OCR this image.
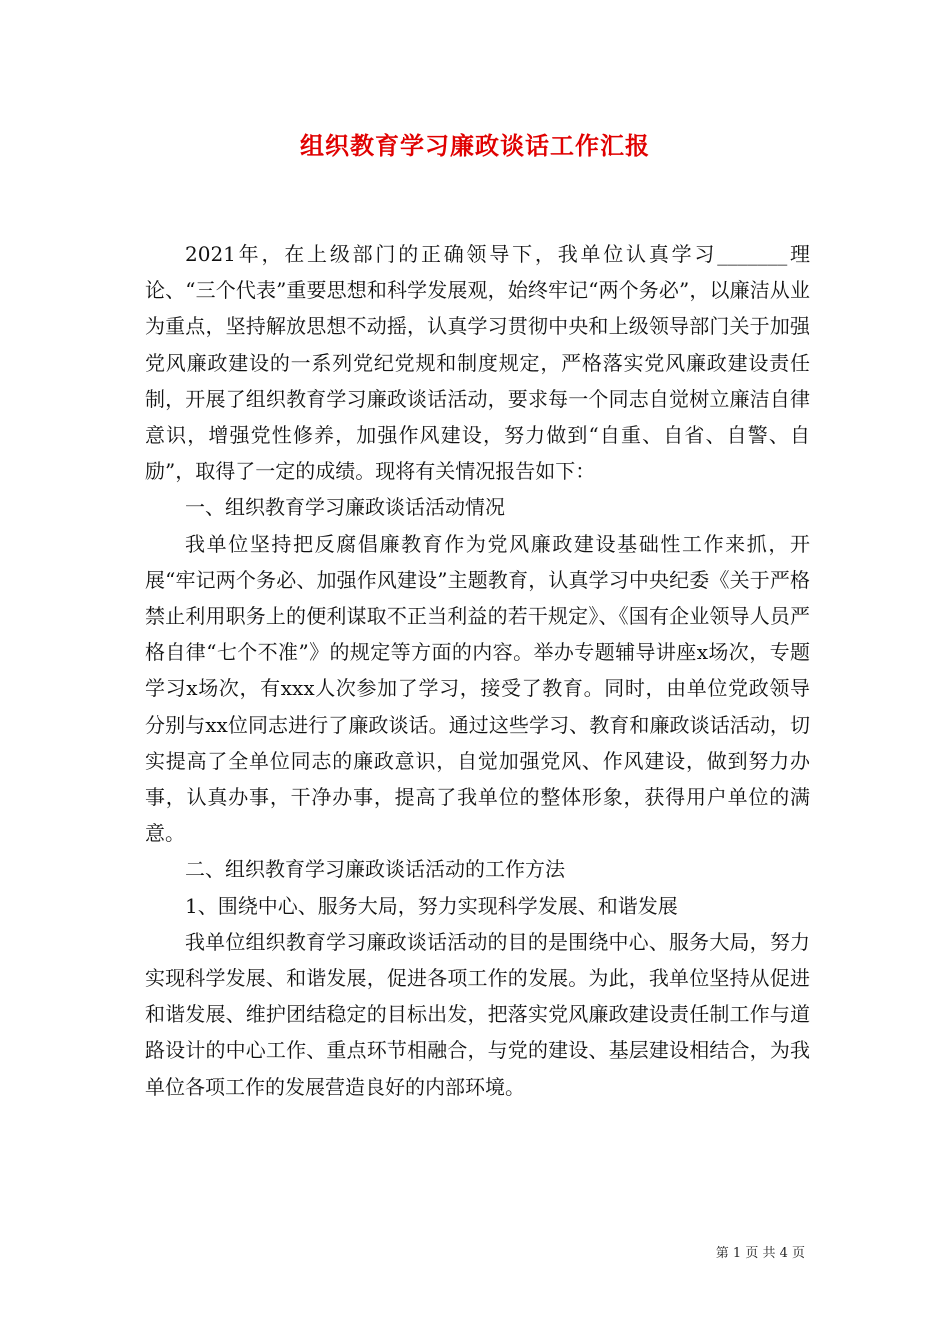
组织教育学习廉政谈话工作汇报

2021年，在上级部门的正确领导下，我单位认真学习_______理论、“三个代表”重要思想和科学发展观，始终牢记“两个务必”，以廉洁从业为重点，坚持解放思想不动摇，认真学习贯彻中央和上级领导部门关于加强党风廉政建设的一系列党纪党规和制度规定，严格落实党风廉政建设责任制，开展了组织教育学习廉政谈话活动，要求每一个同志自觉树立廉洁自律意识，增强党性修养，加强作风建设，努力做到“自重、自省、自警、自励”，取得了一定的成绩。现将有关情况报告如下：

一、组织教育学习廉政谈话活动情况

我单位坚持把反腐倡廉教育作为党风廉政建设基础性工作来抓，开展“牢记两个务必、加强作风建设”主题教育，认真学习中央纪委《关于严格禁止利用职务上的便利谋取不正当利益的若干规定》、《国有企业领导人员严格自律“七个不准”》的规定等方面的内容。举办专题辅导讲座x场次，专题学习x场次，有xxx人次参加了学习，接受了教育。同时，由单位党政领导分别与xx位同志进行了廉政谈话。通过这些学习、教育和廉政谈话活动，切实提高了全单位同志的廉政意识，自觉加强党风、作风建设，做到努力办事，认真办事，干净办事，提高了我单位的整体形象，获得用户单位的满意。

二、组织教育学习廉政谈话活动的工作方法

1、围绕中心、服务大局，努力实现科学发展、和谐发展

我单位组织教育学习廉政谈话活动的目的是围绕中心、服务大局，努力实现科学发展、和谐发展，促进各项工作的发展。为此，我单位坚持从促进和谐发展、维护团结稳定的目标出发，把落实党风廉政建设责任制工作与道路设计的中心工作、重点环节相融合，与党的建设、基层建设相结合，为我单位各项工作的发展营造良好的内部环境。

第 1 页 共 4 页
